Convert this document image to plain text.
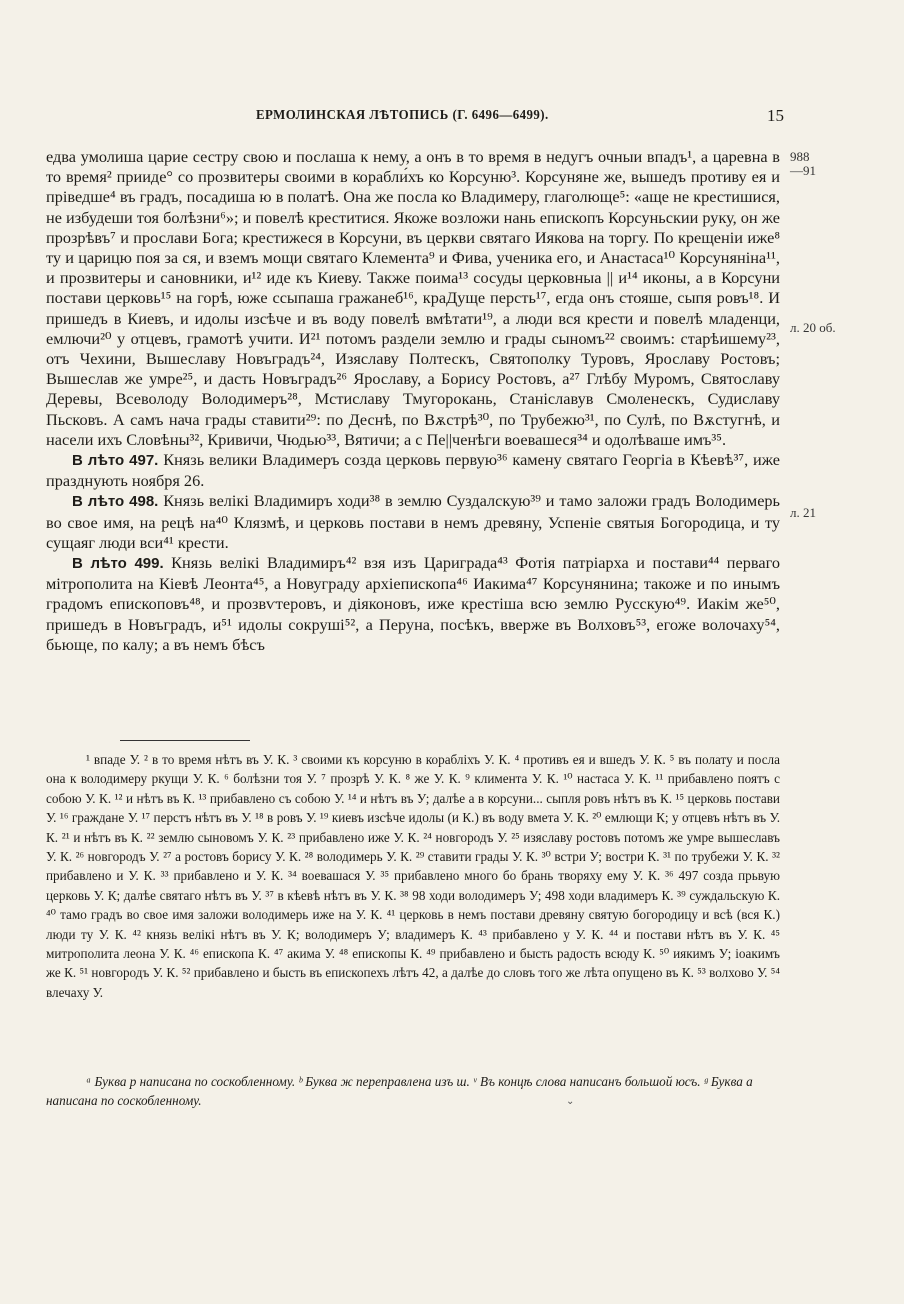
ЕРМОЛИНСКАЯ ЛѢТОПИСЬ (Г. 6496—6499).	15
988
—91
л. 20 об.
л. 21

едва умолиша царие сестру свою и послаша к нему, а онъ в то время в недугъ очныи впадъ¹, а царевна в то время² прииде° со прозвитеры своими в корабли́хъ ко Корсуню³. Корсуняне же, вышедъ противу ея и пріведше⁴ въ градъ, посадиша ю в полатѣ. Она же посла ко Владимеру, глаголюще⁵: «аще не крестишися, не избудеши тоя болѣзни⁶»; и повелѣ креститися. Якоже возложи нань епископъ Корсуньскии руку, он же прозрѣвъ⁷ и прослави Бога; крестижеся в Корсуни, въ церкви святаго Иякова на торгу. По крещеніи иже⁸ ту и царицю поя за ся, и вземъ мощи святаго Клемента⁹ и Фива, ученика его, и Анастаса¹⁰ Корсуняніна¹¹, и прозвитеры и сановники, и¹² иде къ Киеву. Также поима¹³ сосуды церковныа || и¹⁴ иконы, а в Корсуни постави церковь¹⁵ на горѣ, юже ссыпаша гражанеб¹⁶, краДуще персть¹⁷, егда онъ стояше, сыпя ровъ¹⁸. И пришедъ в Киевъ, и идолы изсѣче и въ воду повелѣ вмѣтати¹⁹, а люди вся крести и повелѣ младенци, емлючи²⁰ у отцевъ, грамотѣ учити. И²¹ потомъ раздели землю и грады сыномъ²² своимъ: старѣишему²³, отъ Чехини, Вышеславу Новъградъ²⁴, Изяславу Полтескъ, Святополку Туровъ, Ярославу Ростовъ; Вышеслав же умре²⁵, и дасть Новъградъ²⁶ Ярославу, а Борису Ростовъ, а²⁷ Глѣбу Муромъ, Святославу Деревы, Всеволоду Володимеръ²⁸, Мстиславу Тмугорокань, Станіславув Смоленескъ, Судиславу Пьсковъ. А самъ нача грады ставити²⁹: по Деснѣ, по Вѫстрѣ³⁰, по Трубежю³¹, по Сулѣ, по Вѫстугнѣ, и насели ихъ Словѣны³², Кривичи, Чюдью³³, Вятичи; а с Пе||ченѣги воевашеся³⁴ и одолѣваше имъ³⁵.

В лѣто 497. Князь велики Владимеръ созда церковь первую³⁶ камену святаго Георгіа в Кѣевѣ³⁷, иже празднують ноября 26.

В лѣто 498. Князь велікі Владимиръ ходи³⁸ в землю Суздалскую³⁹ и тамо заложи градъ Володимерь во свое имя, на рецѣ на⁴⁰ Клязмѣ, и церковь постави в немъ древяну, Успеніе святыя Богородица, и ту сущаяг люди вси⁴¹ крести.

В лѣто 499. Князь велікі Владимиръ⁴² взя изъ Цариграда⁴³ Фотія патріарха и постави⁴⁴ перваго мітрополита на Кіевѣ Леонта⁴⁵, а Новуграду архіепископа⁴⁶ Иакима⁴⁷ Корсунянина; такоже и по инымъ градомъ епископовъ⁴⁸, и прозвѵтеровъ, и діяконовъ, иже крестіша всю землю Русскую⁴⁹. Иакім же⁵⁰, пришедъ в Новъградъ, и⁵¹ идолы сокруші⁵², а Перуна, посѣкъ, вверже въ Волховъ⁵³, егоже волочаху⁵⁴, бьюще, по калу; а въ немъ бѣсъ

¹ впаде У. ² в то время нѣтъ въ У. К. ³ своими къ корсуню в корабліхъ У. К. ⁴ противъ ея и вшедъ У. К. ⁵ въ полату и посла она к володимеру ркущи У. К. ⁶ болѣзни тоя У. ⁷ прозрѣ У. К. ⁸ же У. К. ⁹ климента У. К. ¹⁰ настаса У. К. ¹¹ прибавлено поятъ с собою У. К. ¹² и нѣтъ въ К. ¹³ прибавлено съ собою У. ¹⁴ и нѣтъ въ У; далѣе а в корсуни... сыпля ровъ нѣтъ въ К. ¹⁵ церковь постави У. ¹⁶ граждане У. ¹⁷ перстъ нѣтъ въ У. ¹⁸ в ровъ У. ¹⁹ киевъ изсѣче идолы (и К.) въ воду вмета У. К. ²⁰ емлющи К; у отцевъ нѣтъ въ У. К. ²¹ и нѣтъ въ К. ²² землю сыновомъ У. К. ²³ прибавлено иже У. К. ²⁴ новгородъ У. ²⁵ изяславу ростовъ потомъ же умре вышеславъ У. К. ²⁶ новгородъ У. ²⁷ а ростовъ борису У. К. ²⁸ володимерь У. К. ²⁹ ставити грады У. К. ³⁰ встри У; востри К. ³¹ по трубежи У. К. ³² прибавлено и У. К. ³³ прибавлено и У. К. ³⁴ воевашася У. ³⁵ прибавлено много бо брань творяху ему У. К. ³⁶ 497 созда прьвую церковь У. К; далѣе святаго нѣтъ въ У. ³⁷ в кѣевѣ нѣтъ въ У. К. ³⁸ 98 ходи володимеръ У; 498 ходи владимеръ К. ³⁹ суждальскую К. ⁴⁰ тамо градъ во свое имя заложи володимерь иже на У. К. ⁴¹ церковь в немъ постави древяну святую богородицу и всѣ (вся К.) люди ту У. К. ⁴² князь велікі нѣтъ въ У. К; володимеръ У; владимеръ К. ⁴³ прибавлено у У. К. ⁴⁴ и постави нѣтъ въ У. К. ⁴⁵ митрополита леона У. К. ⁴⁶ епископа К. ⁴⁷ акима У. ⁴⁸ епископы К. ⁴⁹ прибавлено и бысть радость всюду К. ⁵⁰ иякимъ У; іоакимъ же К. ⁵¹ новгородъ У. К. ⁵² прибавлено и бысть въ епископехъ лѣтъ 42, а далѣе до словъ того же лѣта опущено въ К. ⁵³ волхово У. ⁵⁴ влечаху У.

ᵃ Буква р написана по соскобленному. ᵇ Буква ж переправлена изъ ш. ᵛ Въ концѣ слова написанъ большой юсъ. ᵍ Буква а написана по соскобленному.	⌄
